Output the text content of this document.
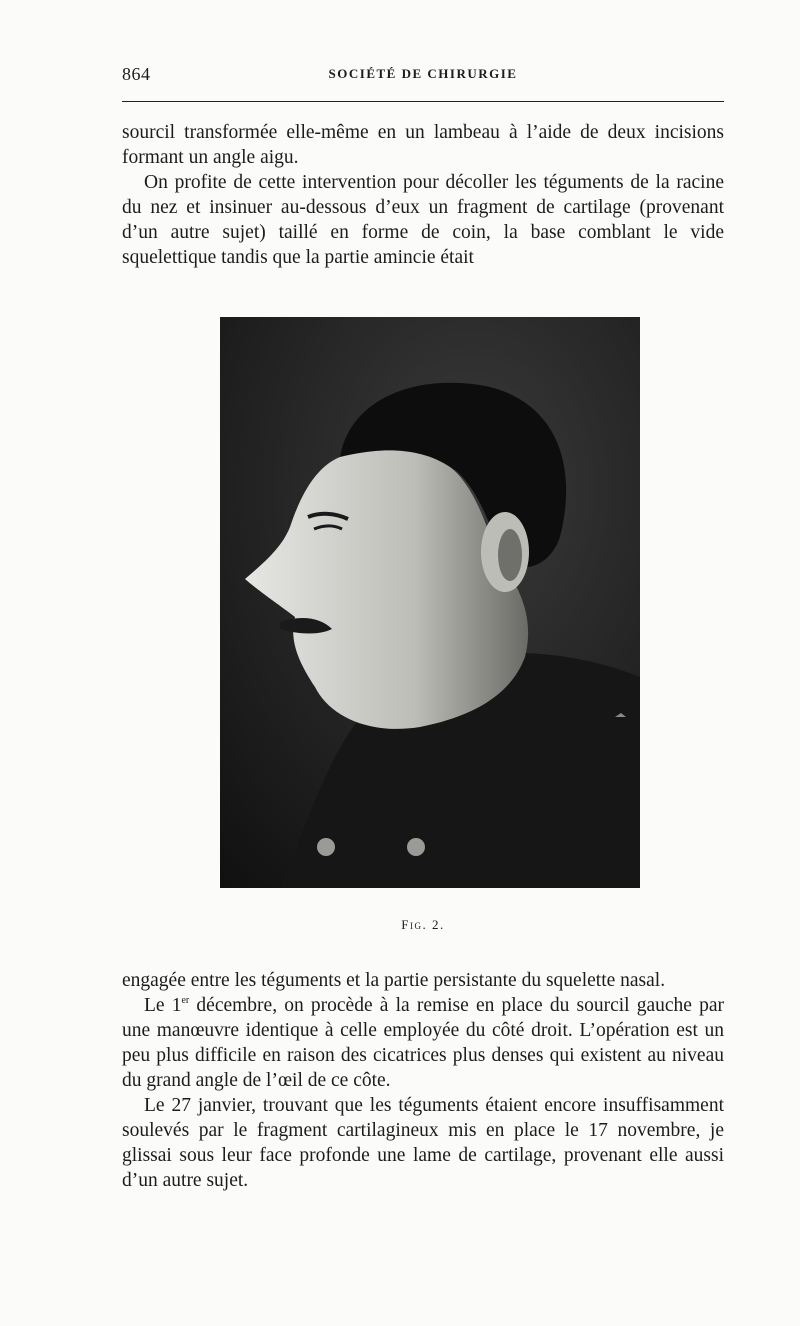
864	SOCIÉTÉ DE CHIRURGIE

sourcil transformée elle-même en un lambeau à l’aide de deux incisions formant un angle aigu.

On profite de cette intervention pour décoller les téguments de la racine du nez et insinuer au-dessous d’eux un fragment de cartilage (provenant d’un autre sujet) taillé en forme de coin, la base comblant le vide squelettique tandis que la partie amincie était

Fig. 2.

engagée entre les téguments et la partie persistante du squelette nasal.

Le 1er décembre, on procède à la remise en place du sourcil gauche par une manœuvre identique à celle employée du côté droit. L’opération est un peu plus difficile en raison des cicatrices plus denses qui existent au niveau du grand angle de l’œil de ce côte.

Le 27 janvier, trouvant que les téguments étaient encore insuffisamment soulevés par le fragment cartilagineux mis en place le 17 novembre, je glissai sous leur face profonde une lame de cartilage, provenant elle aussi d’un autre sujet.
